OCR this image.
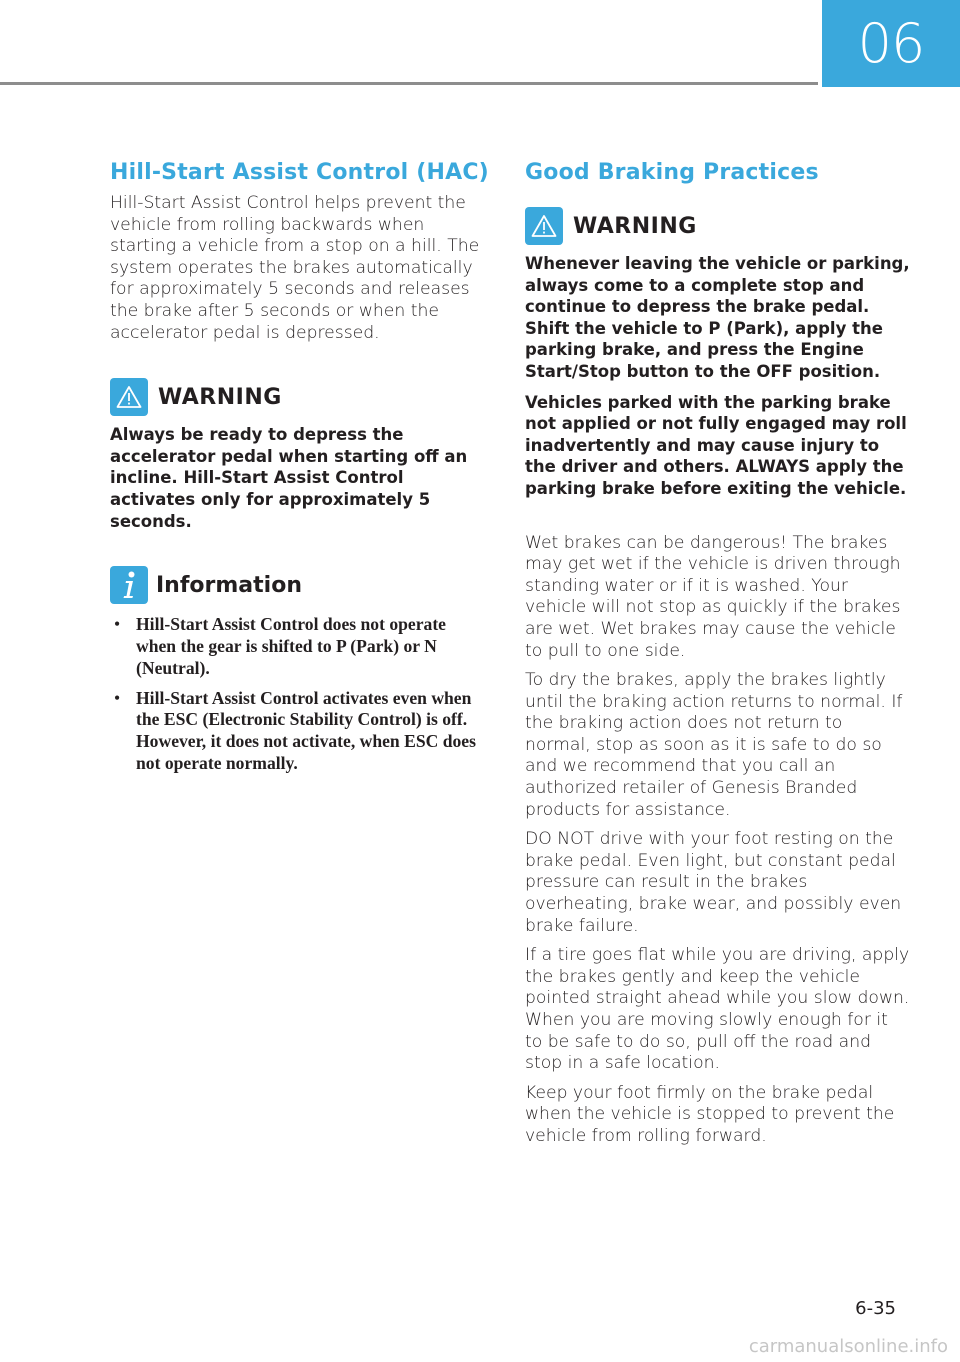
06
Hill-Start Assist Control (HAC)

Hill-Start Assist Control helps prevent the vehicle from rolling backwards when starting a vehicle from a stop on a hill. The system operates the brakes automatically for approximately 5 seconds and releases the brake after 5 seconds or when the accelerator pedal is depressed.

WARNING

Always be ready to depress the accelerator pedal when starting off an incline. Hill-Start Assist Control activates only for approximately 5 seconds.

Information
• Hill-Start Assist Control does not operate when the gear is shifted to P (Park) or N (Neutral).
• Hill-Start Assist Control activates even when the ESC (Electronic Stability Control) is off. However, it does not activate, when ESC does not operate normally.
Good Braking Practices
WARNING

Whenever leaving the vehicle or parking, always come to a complete stop and continue to depress the brake pedal. Shift the vehicle to P (Park), apply the parking brake, and press the Engine Start/Stop button to the OFF position.

Vehicles parked with the parking brake not applied or not fully engaged may roll inadvertently and may cause injury to the driver and others. ALWAYS apply the parking brake before exiting the vehicle.

Wet brakes can be dangerous! The brakes may get wet if the vehicle is driven through standing water or if it is washed. Your vehicle will not stop as quickly if the brakes are wet. Wet brakes may cause the vehicle to pull to one side.

To dry the brakes, apply the brakes lightly until the braking action returns to normal. If the braking action does not return to normal, stop as soon as it is safe to do so and we recommend that you call an authorized retailer of Genesis Branded products for assistance.

DO NOT drive with your foot resting on the brake pedal. Even light, but constant pedal pressure can result in the brakes overheating, brake wear, and possibly even brake failure.

If a tire goes flat while you are driving, apply the brakes gently and keep the vehicle pointed straight ahead while you slow down. When you are moving slowly enough for it to be safe to do so, pull off the road and stop in a safe location.

Keep your foot firmly on the brake pedal when the vehicle is stopped to prevent the vehicle from rolling forward.

6-35
carmanualsonline.info
